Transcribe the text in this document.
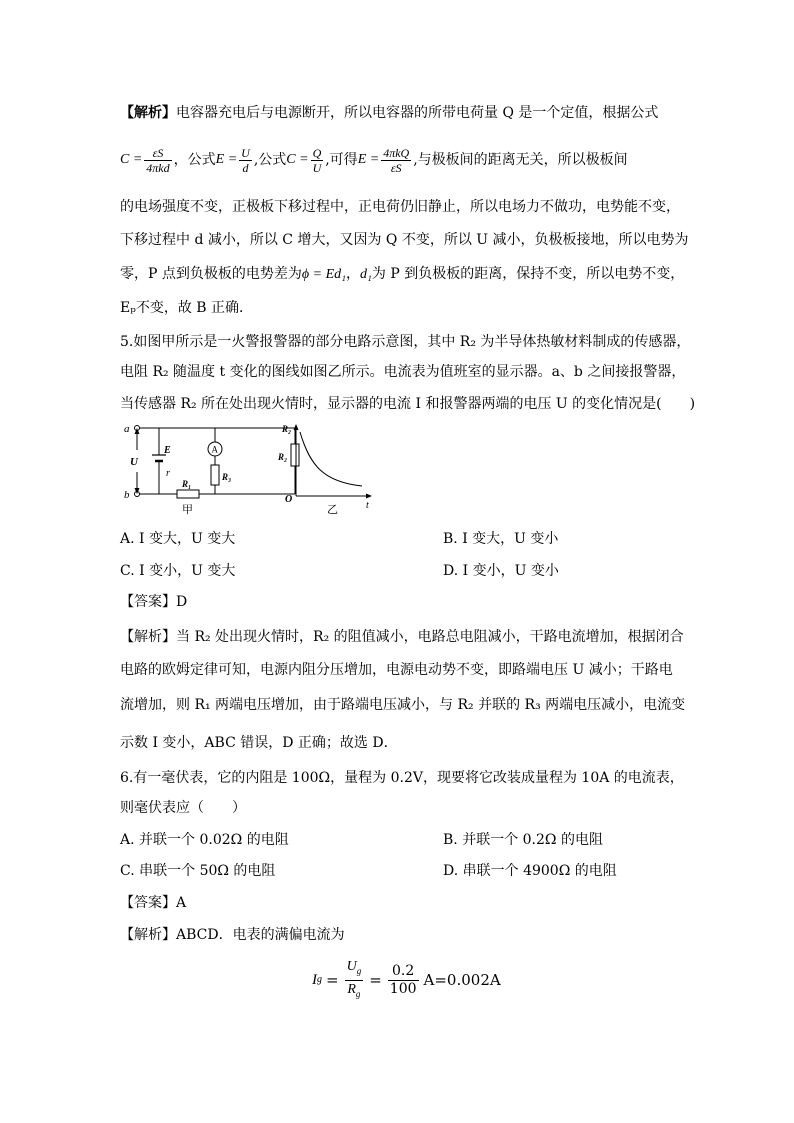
【解析】电容器充电后与电源断开，所以电容器的所带电荷量 Q 是一个定值，根据公式
$C = \frac{\varepsilon S}{\text{4πkd}}$ ，公式 $E = \frac{U}{d}$ ,公式 $C = \frac{Q}{U}$ ,可得 $E = \frac{\text{4πkQ}}{\varepsilon S}$ ,与极板间的距离无关，所以极板间
的电场强度不变，正极板下移过程中，正电荷仍旧静止，所以电场力不做功，电势能不变，
下移过程中 d 减小，所以 C 增大，又因为 Q 不变，所以 U 减小，负极板接地，所以电势为
零，P 点到负极板的电势差为ϕ = Ed₁，d₁为 P 到负极板的距离，保持不变，所以电势不变，
Eₚ不变，故 B 正确．
5.如图甲所示是一火警报警器的部分电路示意图，其中 R₂ 为半导体热敏材料制成的传感器，
电阻 R₂ 随温度 t 变化的图线如图乙所示。电流表为值班室的显示器。a、b 之间接报警器，
当传感器 R₂ 所在处出现火情时，显示器的电流 I 和报警器两端的电压 U 的变化情况是(　　)
a
b
U
E
r
A
R₁
R₃
R₂
甲
R₂
O
t
乙
A. I 变大，U 变大	B. I 变大，U 变小
C. I 变小，U 变大	D. I 变小，U 变小
【答案】D
【解析】当 R₂ 处出现火情时，R₂ 的阻值减小，电路总电阻减小，干路电流增加，根据闭合
电路的欧姆定律可知，电源内阻分压增加，电源电动势不变，即路端电压 U 减小；干路电
流增加，则 R₁ 两端电压增加，由于路端电压减小，与 R₂ 并联的 R₃ 两端电压减小，电流变
示数 I 变小，ABC 错误，D 正确；故选 D．
6.有一毫伏表，它的内阻是 100Ω，量程为 0.2V，现要将它改装成量程为 10A 的电流表，
则毫伏表应（　　）
A. 并联一个 0.02Ω 的电阻	B. 并联一个 0.2Ω 的电阻
C. 串联一个 50Ω 的电阻	D. 串联一个 4900Ω 的电阻
【答案】A
【解析】ABCD．电表的满偏电流为
I $g = \frac{U_g}{R_g} = \frac{0.2}{100} A=0.002A$
